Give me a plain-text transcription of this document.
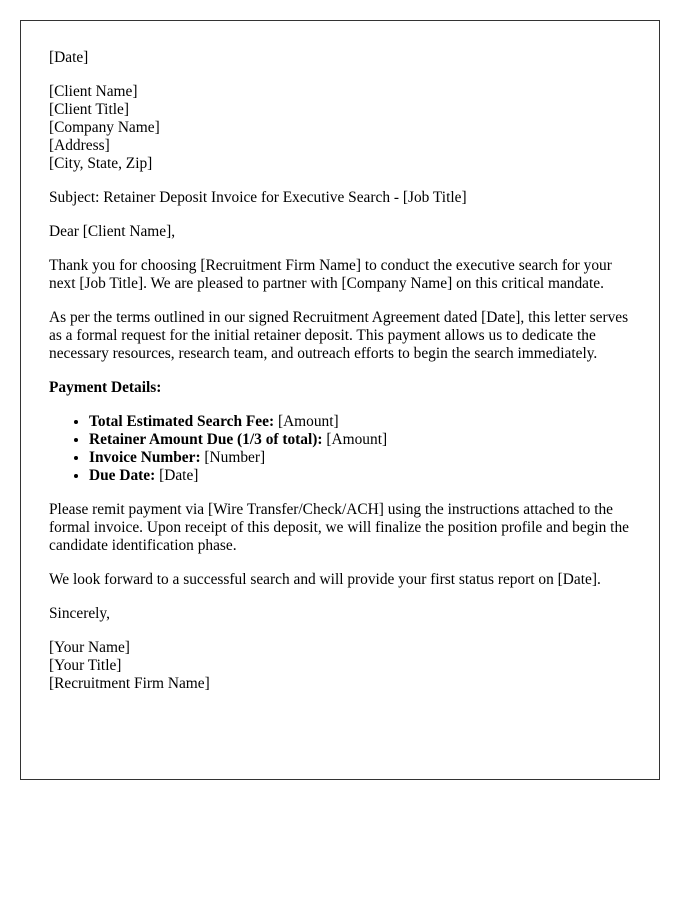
[Date]
[Client Name]
[Client Title]
[Company Name]
[Address]
[City, State, Zip]

Subject: Retainer Deposit Invoice for Executive Search - [Job Title]

Dear [Client Name],

Thank you for choosing [Recruitment Firm Name] to conduct the executive search for your next [Job Title]. We are pleased to partner with [Company Name] on this critical mandate.

As per the terms outlined in our signed Recruitment Agreement dated [Date], this letter serves as a formal request for the initial retainer deposit. This payment allows us to dedicate the necessary resources, research team, and outreach efforts to begin the search immediately.

Payment Details:
• Total Estimated Search Fee: [Amount]
• Retainer Amount Due (1/3 of total): [Amount]
• Invoice Number: [Number]
• Due Date: [Date]

Please remit payment via [Wire Transfer/Check/ACH] using the instructions attached to the formal invoice. Upon receipt of this deposit, we will finalize the position profile and begin the candidate identification phase.

We look forward to a successful search and will provide your first status report on [Date].

Sincerely,

[Your Name]
[Your Title]
[Recruitment Firm Name]
